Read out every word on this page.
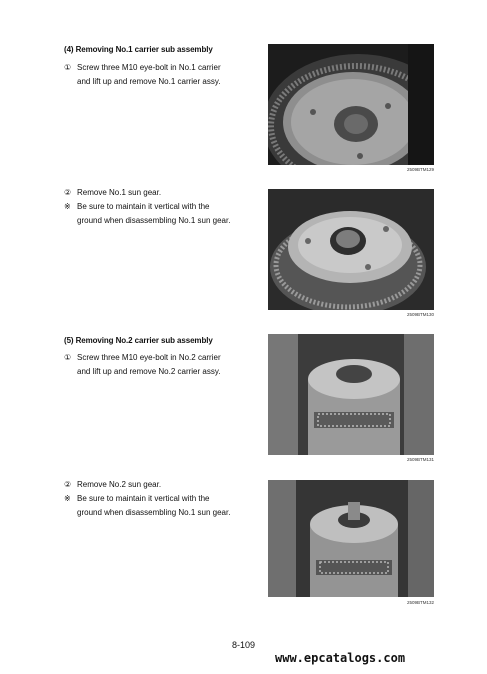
(4) Removing No.1 carrier sub assembly
① Screw three M10 eye-bolt in No.1 carrier
and lift up and remove No.1 carrier assy.
2509BTM129
② Remove No.1 sun gear.
※ Be sure to maintain it vertical with the
ground when disassembling No.1 sun gear.
2509BTM130
(5) Removing No.2 carrier sub assembly
① Screw three M10 eye-bolt in No.2 carrier
and lift up and remove No.2 carrier assy.
2509BTM131
② Remove No.2 sun gear.
※ Be sure to maintain it vertical with the
ground when disassembling No.1 sun gear.
2509BTM132
8-109
www.epcatalogs.com
